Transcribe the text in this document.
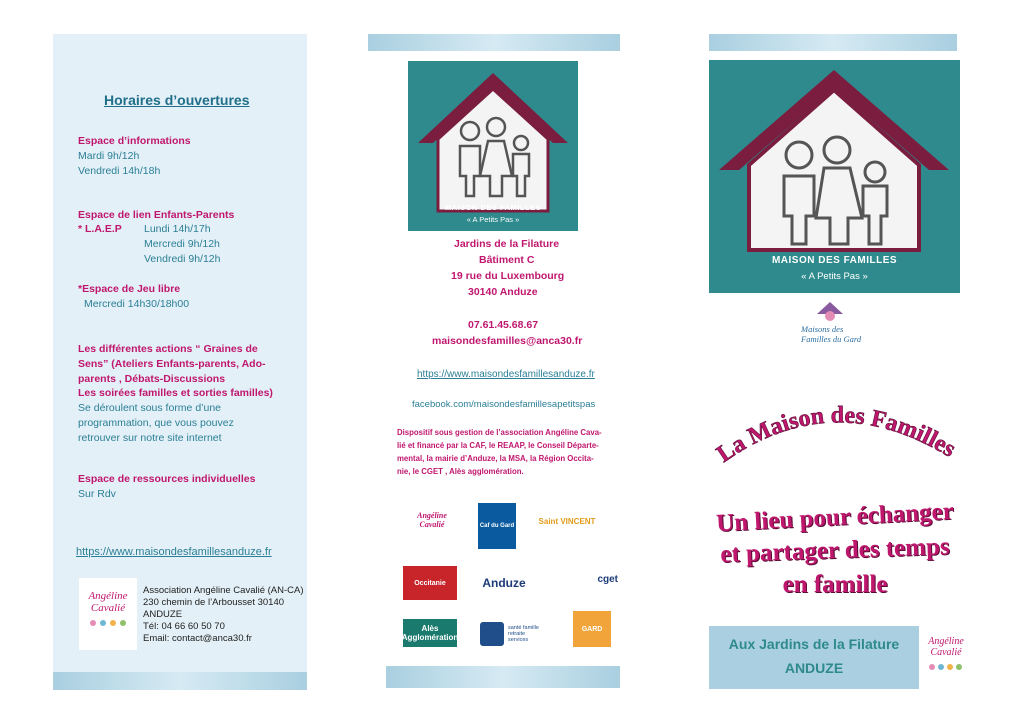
Horaires d’ouvertures
Espace d’informations
Mardi 9h/12h
Vendredi 14h/18h
Espace de lien Enfants-Parents
* L.A.E.P Lundi 14h/17h
Mercredi 9h/12h
Vendredi 9h/12h
*Espace de Jeu libre
Mercredi 14h30/18h00
Les différentes actions “ Graines de
Sens” (Ateliers Enfants-parents, Ado-
parents , Débats-Discussions
Les soirées familles et sorties familles)
Se déroulent sous forme d’une
programmation, que vous pouvez
retrouver sur notre site internet
Espace de ressources individuelles
Sur Rdv
https://www.maisondesfamillesanduze.fr
Angéline
Cavalié
Association Angéline Cavalié (AN-CA)
230 chemin de l’Arbousset 30140
ANDUZE
Tél: 04 66 60 50 70
Email: contact@anca30.fr
MAISON DES FAMILLES
« A Petits Pas »
Jardins de la Filature
Bâtiment C
19 rue du Luxembourg
30140 Anduze
07.61.45.68.67
maisondesfamilles@anca30.fr
https://www.maisondesfamillesanduze.fr
facebook.com/maisondesfamillesapetitspas
Dispositif sous gestion de l’association Angéline Cava-
lié et financé par la CAF, le REAAP, le Conseil Départe-
mental, la mairie d’Anduze, la MSA, la Région Occita-
nie, le CGET , Alès agglomération.
Angéline Cavalié	Caf du Gard
Saint VINCENT
Occitanie	Anduze	cget
Alès Agglomération
santé famille retraite services
GARD
MAISON DES FAMILLES
« A Petits Pas »
Maisons des
Familles du Gard
La Maison des Familles
Un lieu pour échanger
et partager des temps
en famille
Aux Jardins de la Filature
ANDUZE
Angéline
Cavalié
